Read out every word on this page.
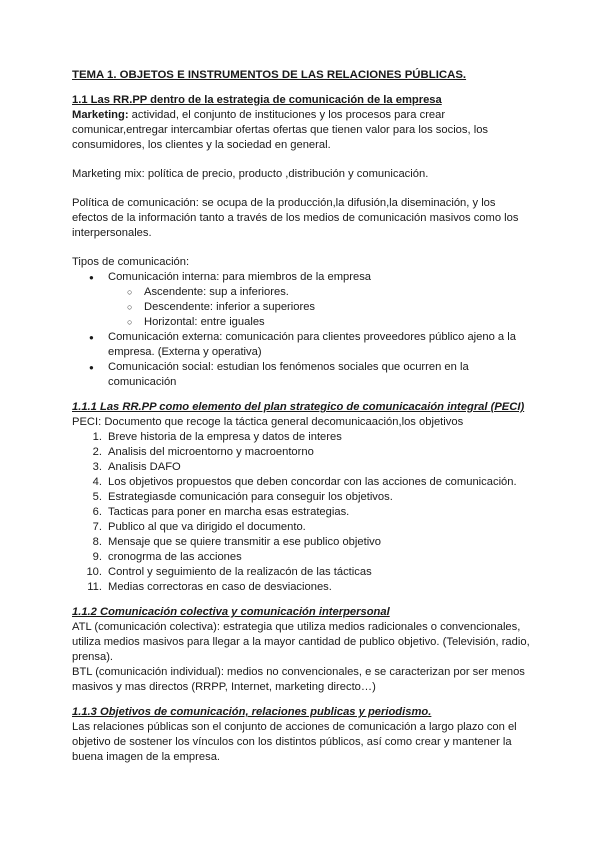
TEMA 1. OBJETOS E INSTRUMENTOS DE LAS RELACIONES PÚBLICAS.

1.1 Las RR.PP dentro de la estrategia de comunicación de la empresa

Marketing: actividad, el conjunto de instituciones y los procesos para crear comunicar,entregar intercambiar ofertas ofertas que tienen valor para los socios, los consumidores, los clientes y la sociedad en general.

Marketing mix: política de precio, producto ,distribución y comunicación.

Política de comunicación: se ocupa de la producción,la difusión,la diseminación, y los efectos de la información tanto a través de los medios de comunicación masivos como los interpersonales.

Tipos de comunicación:

● Comunicación interna: para miembros de la empresa
○ Ascendente: sup a inferiores.
○ Descendente: inferior a superiores
○ Horizontal: entre iguales
● Comunicación externa: comunicación para clientes proveedores público ajeno a la empresa. (Externa y operativa)
● Comunicación social: estudian los fenómenos sociales que ocurren en la comunicación

1.1.1 Las RR.PP como elemento del plan strategico de comunicacaión integral (PECI)

PECI: Documento que recoge la táctica general decomunicaación,los objetivos

1. Breve historia de la empresa y datos de interes
2. Analisis del microentorno y macroentorno
3. Analisis DAFO
4. Los objetivos propuestos que deben concordar con las acciones de comunicación.
5. Estrategiasde comunicación para conseguir los objetivos.
6. Tacticas para poner en marcha esas estrategias.
7. Publico al que va dirigido el documento.
8. Mensaje que se quiere transmitir a ese publico objetivo
9. cronogrma de las acciones
10. Control y seguimiento de la realizacón de las tácticas
11. Medias correctoras en caso de desviaciones.

1.1.2 Comunicación colectiva y comunicación interpersonal

ATL (comunicación colectiva): estrategia que utiliza medios radicionales o convencionales, utiliza medios masivos para llegar a la mayor cantidad de publico objetivo. (Televisión, radio, prensa).

BTL (comunicación individual): medios no convencionales, e se caracterizan por ser menos masivos y mas directos (RRPP, Internet, marketing directo…)

1.1.3 Objetivos de comunicación, relaciones publicas y periodismo.

Las relaciones públicas son el conjunto de acciones de comunicación a largo plazo con el objetivo de sostener los vínculos con los distintos públicos, así como crear y mantener la buena imagen de la empresa.
